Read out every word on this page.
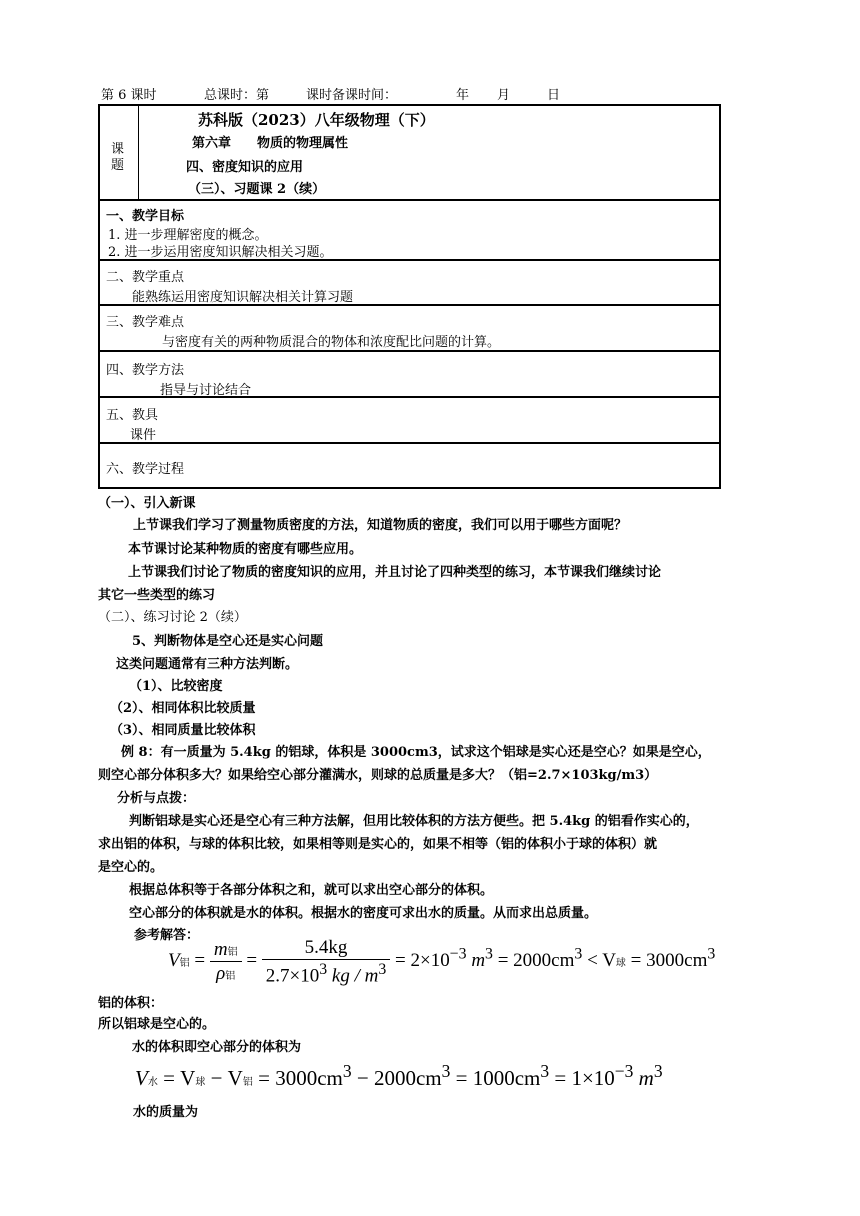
第 6 课时	总课时：第	课时备课时间：	年 月	日
课
题
苏科版（2023）八年级物理（下）
第六章　　物质的物理属性
四、密度知识的应用
（三）、习题课 2（续）
一、教学目标
1. 进一步理解密度的概念。
2. 进一步运用密度知识解决相关习题。
二、教学重点
能熟练运用密度知识解决相关计算习题
三、教学难点
与密度有关的两种物质混合的物体和浓度配比问题的计算。
四、教学方法
指导与讨论结合
五、教具
课件
六、教学过程
（一）、引入新课
上节课我们学习了测量物质密度的方法，知道物质的密度，我们可以用于哪些方面呢？
本节课讨论某种物质的密度有哪些应用。
上节课我们讨论了物质的密度知识的应用，并且讨论了四种类型的练习，本节课我们继续讨论
其它一些类型的练习
（二）、练习讨论 2（续）
5、判断物体是空心还是实心问题
这类问题通常有三种方法判断。
（1）、比较密度
（2）、相同体积比较质量
（3）、相同质量比较体积
例 8：有一质量为 5.4kg 的铝球，体积是 3000cm3，试求这个铝球是实心还是空心？如果是空心，
则空心部分体积多大？如果给空心部分灌满水，则球的总质量是多大？（铝=2.7×103kg/m3）
分析与点拨：
判断铝球是实心还是空心有三种方法解，但用比较体积的方法方便些。把 5.4kg 的铝看作实心的，
求出铝的体积，与球的体积比较，如果相等则是实心的，如果不相等（铝的体积小于球的体积）就
是空心的。
根据总体积等于各部分体积之和，就可以求出空心部分的体积。
空心部分的体积就是水的体积。根据水的密度可求出水的质量。从而求出总质量。
参考解答：
V铝 = $\frac{\text{m铝}}{\text{ρ铝}} = \frac{5.4kg}{2.7\times 10^3 kg / m^3} = 2\times 10^{-3}$ $m^3 = 2000cm^3 < V$球 = $3000cm^3$
铝的体积：
所以铝球是空心的。
水的体积即空心部分的体积为
V水 = V球 − V铝 = $3000cm^3 - 2000cm^3 = 1000cm^3 = 1\times 10^{-3}$ $m^3$
水的质量为
